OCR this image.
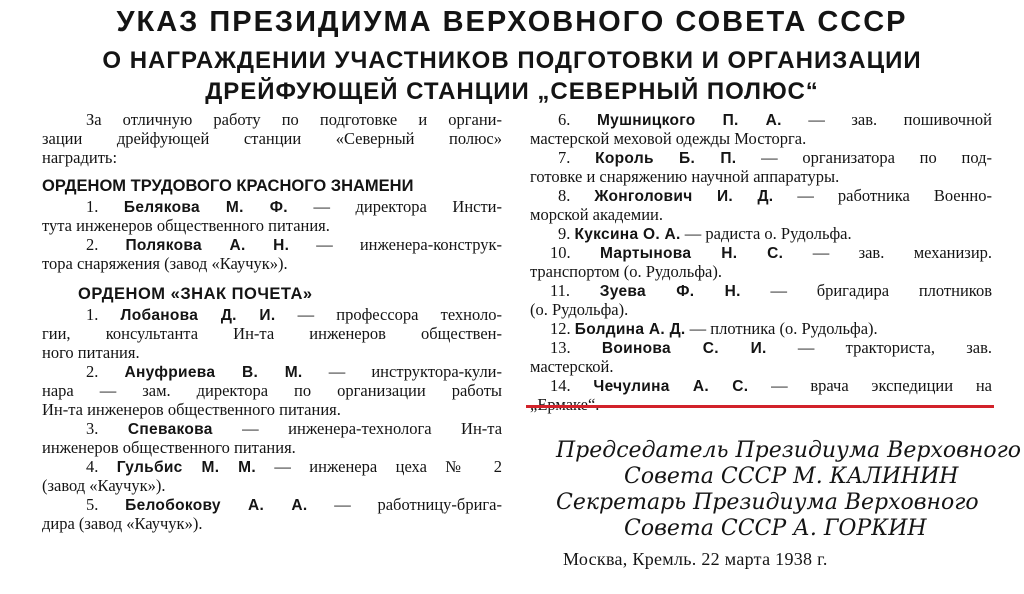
УКАЗ ПРЕЗИДИУМА ВЕРХОВНОГО СОВЕТА СССР
О НАГРАЖДЕНИИ УЧАСТНИКОВ ПОДГОТОВКИ И ОРГАНИЗАЦИИ
ДРЕЙФУЮЩЕЙ СТАНЦИИ „СЕВЕРНЫЙ ПОЛЮС“
За отличную работу по подготовке и органи-
зации дрейфующей станции «Северный полюс»
наградить:
ОРДЕНОМ ТРУДОВОГО КРАСНОГО ЗНАМЕНИ
1. Белякова М. Ф. — директора Инсти-
тута инженеров общественного питания.
2. Полякова А. Н. — инженера-конструк-
тора снаряжения (завод «Каучук»).
ОРДЕНОМ «ЗНАК ПОЧЕТА»
1. Лобанова Д. И. — профессора техноло-
гии, консультанта Ин-та инженеров обществен-
ного питания.
2. Ануфриева В. М. — инструктора-кули-
нара — зам. директора по организации работы
Ин-та инженеров общественного питания.
3. Спевакова — инженера-технолога Ин-та
инженеров общественного питания.
4. Гульбис М. М. — инженера цеха № 2
(завод «Каучук»).
5. Белобокову А. А. — работницу-брига-
дира (завод «Каучук»).
6. Мушницкого П. А. — зав. пошивочной
мастерской меховой одежды Мосторга.
7. Король Б. П. — организатора по под-
готовке и снаряжению научной аппаратуры.
8. Жонголович И. Д. — работника Военно-
морской академии.
9. Куксина О. А. — радиста о. Рудольфа.
10. Мартынова Н. С. — зав. механизир.
транспортом (о. Рудольфа).
11. Зуева Ф. Н. — бригадира плотников
(о. Рудольфа).
12. Болдина А. Д. — плотника (о. Рудольфа).
13. Воинова С. И. — тракториста, зав.
мастерской.
14. Чечулина А. С. — врача экспедиции на
Председатель Президиума Верховного
Совета СССР М. КАЛИНИН
Секретарь Президиума Верховного
Совета СССР А. ГОРКИН
Москва, Кремль. 22 марта 1938 г.
